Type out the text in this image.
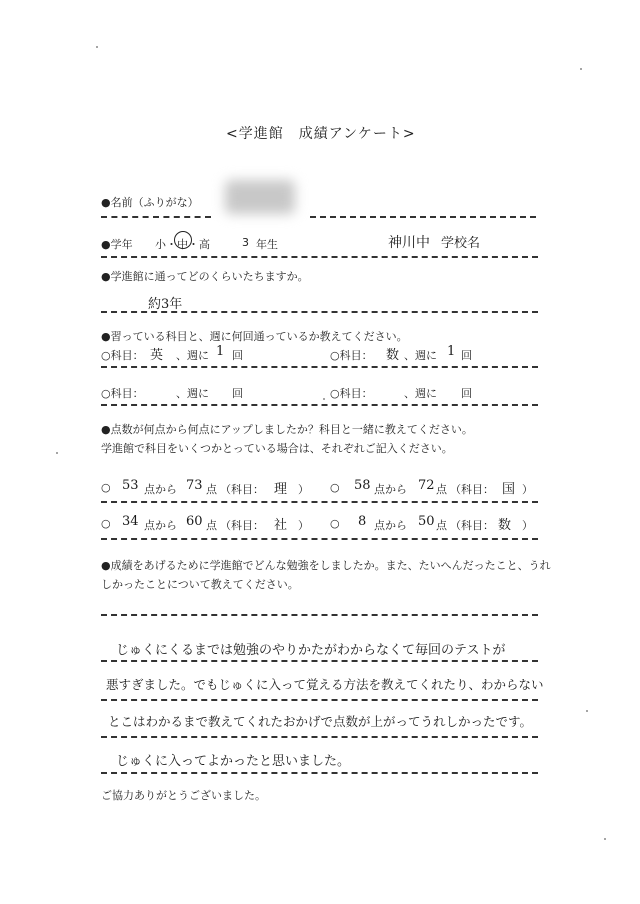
<学進館　成績アンケート>
●名前（ふりがな）
●学年 小・中・高	3 年生	神川中 学校名
●学進館に通ってどのくらいたちますか。
約3年
●習っている科目と、週に何回通っているか教えてください。
○科目： 英 、週に 1 回	○科目： 数 、週に 1 回
○科目：	、週に 回	○科目：	、週に 回
●点数が何点から何点にアップしましたか？科目と一緒に教えてください。
学進館で科目をいくつかとっている場合は、それぞれご記入ください。
○ 53 点から 73 点 （科目： 理 ） ○ 58 点から 72 点 （科目： 国 ）
○ 34 点から 60 点 （科目： 社 ） ○ 8 点から 50 点 （科目： 数 ）
●成績をあげるために学進館でどんな勉強をしましたか。また、たいへんだったこと、うれ
しかったことについて教えてください。
じゅくにくるまでは勉強のやりかたがわからなくて毎回のテストが
悪すぎました。でもじゅくに入って覚える方法を教えてくれたり、わからない
とこはわかるまで教えてくれたおかげで点数が上がってうれしかったです。
じゅくに入ってよかったと思いました。
ご協力ありがとうございました。
